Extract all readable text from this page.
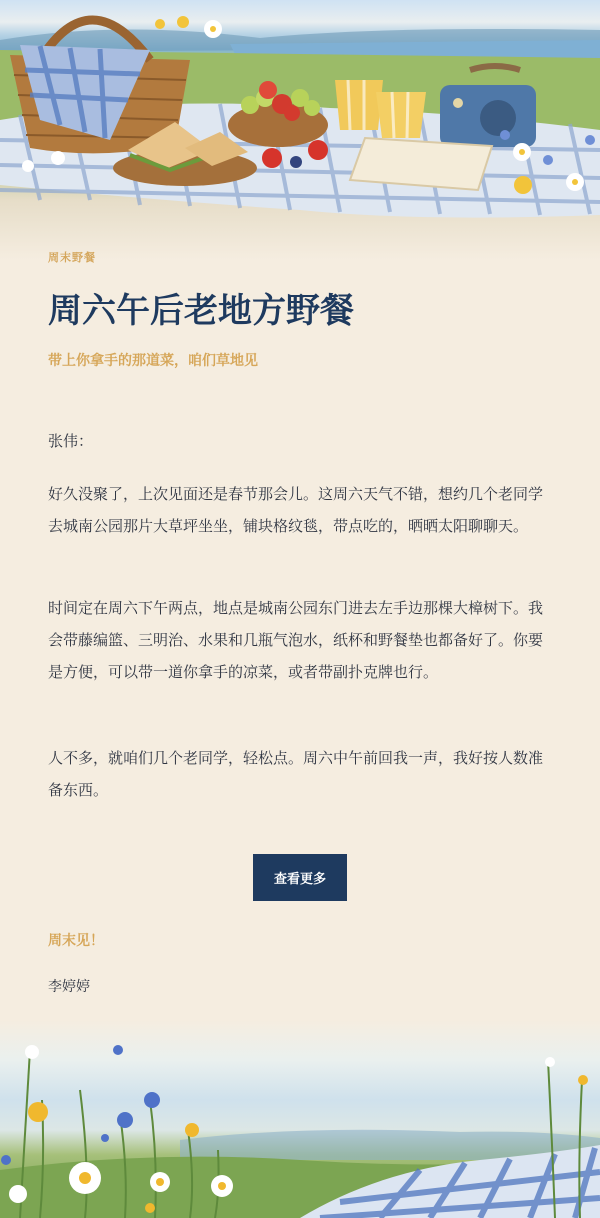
周末野餐
周六午后老地方野餐
带上你拿手的那道菜，咱们草地见
张伟：

好久没聚了，上次见面还是春节那会儿。这周六天气不错，想约几个老同学去城南公园那片大草坪坐坐，铺块格纹毯，带点吃的，晒晒太阳聊聊天。

时间定在周六下午两点，地点是城南公园东门进去左手边那棵大樟树下。我会带藤编篮、三明治、水果和几瓶气泡水，纸杯和野餐垫也都备好了。你要是方便，可以带一道你拿手的凉菜，或者带副扑克牌也行。

人不多，就咱们几个老同学，轻松点。周六中午前回我一声，我好按人数准备东西。

查看更多
周末见！
李婷婷
